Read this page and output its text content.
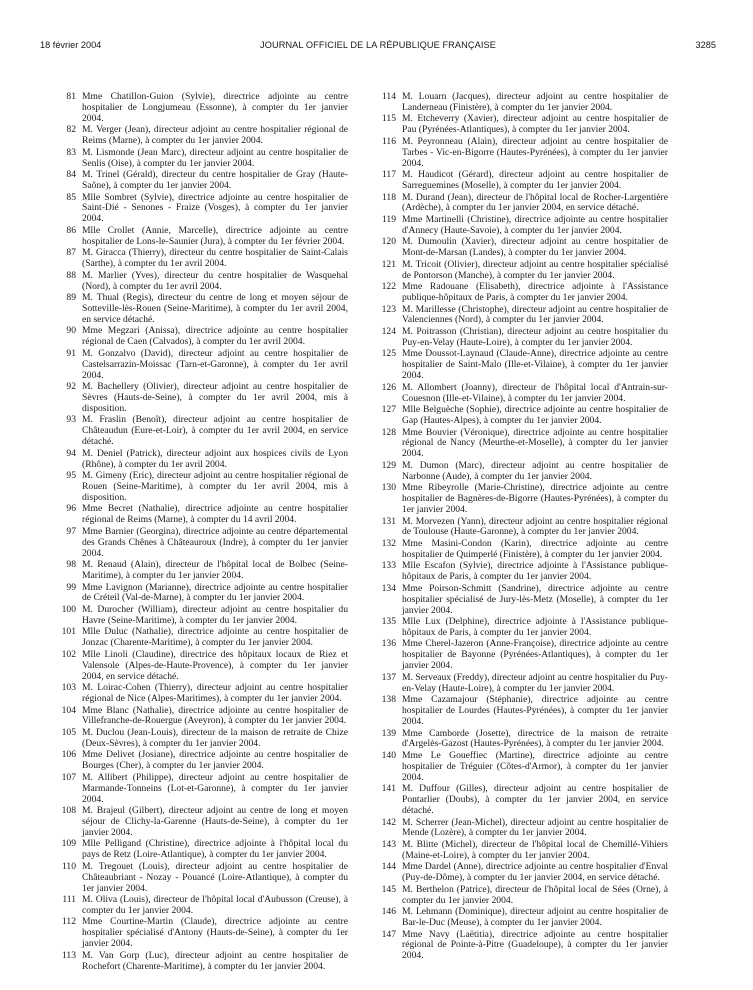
18 février 2004	JOURNAL OFFICIEL DE LA RÉPUBLIQUE FRANÇAISE	3285
81 Mme Chatillon-Guion (Sylvie), directrice adjointe au centre hospitalier de Longjumeau (Essonne), à compter du 1er janvier 2004.
82 M. Verger (Jean), directeur adjoint au centre hospitalier régional de Reims (Marne), à compter du 1er janvier 2004.
83 M. Lismonde (Jean Marc), directeur adjoint au centre hospitalier de Senlis (Oise), à compter du 1er janvier 2004.
84 M. Trinel (Gérald), directeur du centre hospitalier de Gray (Haute-Saône), à compter du 1er janvier 2004.
85 Mlle Sombret (Sylvie), directrice adjointe au centre hospitalier de Saint-Dié - Senones - Fraize (Vosges), à compter du 1er janvier 2004.
86 Mlle Crollet (Annie, Marcelle), directrice adjointe au centre hospitalier de Lons-le-Saunier (Jura), à compter du 1er février 2004.
87 M. Giracca (Thierry), directeur du centre hospitalier de Saint-Calais (Sarthe), à compter du 1er avril 2004.
88 M. Marlier (Yves), directeur du centre hospitalier de Wasquehal (Nord), à compter du 1er avril 2004.
89 M. Thual (Regis), directeur du centre de long et moyen séjour de Sotteville-lès-Rouen (Seine-Maritime), à compter du 1er avril 2004, en service détaché.
90 Mme Megzari (Anissa), directrice adjointe au centre hospitalier régional de Caen (Calvados), à compter du 1er avril 2004.
91 M. Gonzalvo (David), directeur adjoint au centre hospitalier de Castelsarrazin-Moissac (Tarn-et-Garonne), à compter du 1er avril 2004.
92 M. Bachellery (Olivier), directeur adjoint au centre hospitalier de Sèvres (Hauts-de-Seine), à compter du 1er avril 2004, mis à disposition.
93 M. Fraslin (Benoît), directeur adjoint au centre hospitalier de Châteaudun (Eure-et-Loir), à compter du 1er avril 2004, en service détaché.
94 M. Deniel (Patrick), directeur adjoint aux hospices civils de Lyon (Rhône), à compter du 1er avril 2004.
95 M. Gimeny (Eric), directeur adjoint au centre hospitalier régional de Rouen (Seine-Maritime), à compter du 1er avril 2004, mis à disposition.
96 Mme Becret (Nathalie), directrice adjointe au centre hospitalier régional de Reims (Marne), à compter du 14 avril 2004.
97 Mme Barnier (Georgina), directrice adjointe au centre départemental des Grands Chênes à Châteauroux (Indre), à compter du 1er janvier 2004.
98 M. Renaud (Alain), directeur de l'hôpital local de Bolbec (Seine-Maritime), à compter du 1er janvier 2004.
99 Mme Lavignon (Marianne), directrice adjointe au centre hospitalier de Créteil (Val-de-Marne), à compter du 1er janvier 2004.
100 M. Durocher (William), directeur adjoint au centre hospitalier du Havre (Seine-Maritime), à compter du 1er janvier 2004.
101 Mlle Duluc (Nathalie), directrice adjointe au centre hospitalier de Jonzac (Charente-Maritime), à compter du 1er janvier 2004.
102 Mlle Linoli (Claudine), directrice des hôpitaux locaux de Riez et Valensole (Alpes-de-Haute-Provence), à compter du 1er janvier 2004, en service détaché.
103 M. Loirac-Cohen (Thierry), directeur adjoint au centre hospitalier régional de Nice (Alpes-Maritimes), à compter du 1er janvier 2004.
104 Mme Blanc (Nathalie), directrice adjointe au centre hospitalier de Villefranche-de-Rouergue (Aveyron), à compter du 1er janvier 2004.
105 M. Duclou (Jean-Louis), directeur de la maison de retraite de Chize (Deux-Sèvres), à compter du 1er janvier 2004.
106 Mme Delivet (Josiane), directrice adjointe au centre hospitalier de Bourges (Cher), à compter du 1er janvier 2004.
107 M. Allibert (Philippe), directeur adjoint au centre hospitalier de Marmande-Tonneins (Lot-et-Garonne), à compter du 1er janvier 2004.
108 M. Brajeul (Gilbert), directeur adjoint au centre de long et moyen séjour de Clichy-la-Garenne (Hauts-de-Seine), à compter du 1er janvier 2004.
109 Mlle Pelligand (Christine), directrice adjointe à l'hôpital local du pays de Retz (Loire-Atlantique), à compter du 1er janvier 2004.
110 M. Tregouet (Louis), directeur adjoint au centre hospitalier de Châteaubriant - Nozay - Pouancé (Loire-Atlantique), à compter du 1er janvier 2004.
111 M. Oliva (Louis), directeur de l'hôpital local d'Aubusson (Creuse), à compter du 1er janvier 2004.
112 Mme Courtine-Martin (Claude), directrice adjointe au centre hospitalier spécialisé d'Antony (Hauts-de-Seine), à compter du 1er janvier 2004.
113 M. Van Gorp (Luc), directeur adjoint au centre hospitalier de Rochefort (Charente-Maritime), à compter du 1er janvier 2004.
114 M. Louarn (Jacques), directeur adjoint au centre hospitalier de Landerneau (Finistère), à compter du 1er janvier 2004.
115 M. Etcheverry (Xavier), directeur adjoint au centre hospitalier de Pau (Pyrénées-Atlantiques), à compter du 1er janvier 2004.
116 M. Peyronneau (Alain), directeur adjoint au centre hospitalier de Tarbes - Vic-en-Bigorre (Hautes-Pyrénées), à compter du 1er janvier 2004.
117 M. Haudicot (Gérard), directeur adjoint au centre hospitalier de Sarreguemines (Moselle), à compter du 1er janvier 2004.
118 M. Durand (Jean), directeur de l'hôpital local de Rocher-Largentière (Ardèche), à compter du 1er janvier 2004, en service détaché.
119 Mme Martinelli (Christine), directrice adjointe au centre hospitalier d'Annecy (Haute-Savoie), à compter du 1er janvier 2004.
120 M. Dumoulin (Xavier), directeur adjoint au centre hospitalier de Mont-de-Marsan (Landes), à compter du 1er janvier 2004.
121 M. Tricoit (Olivier), directeur adjoint au centre hospitalier spécialisé de Pontorson (Manche), à compter du 1er janvier 2004.
122 Mme Radouane (Elisabeth), directrice adjointe à l'Assistance publique-hôpitaux de Paris, à compter du 1er janvier 2004.
123 M. Marillesse (Christophe), directeur adjoint au centre hospitalier de Valenciennes (Nord), à compter du 1er janvier 2004.
124 M. Poitrasson (Christian), directeur adjoint au centre hospitalier du Puy-en-Velay (Haute-Loire), à compter du 1er janvier 2004.
125 Mme Doussot-Laynaud (Claude-Anne), directrice adjointe au centre hospitalier de Saint-Malo (Ille-et-Vilaine), à compter du 1er janvier 2004.
126 M. Allombert (Joanny), directeur de l'hôpital local d'Antrain-sur-Couesnon (Ille-et-Vilaine), à compter du 1er janvier 2004.
127 Mlle Belguèche (Sophie), directrice adjointe au centre hospitalier de Gap (Hautes-Alpes), à compter du 1er janvier 2004.
128 Mme Bouvier (Véronique), directrice adjointe au centre hospitalier régional de Nancy (Meurthe-et-Moselle), à compter du 1er janvier 2004.
129 M. Dumon (Marc), directeur adjoint au centre hospitalier de Narbonne (Aude), à compter du 1er janvier 2004.
130 Mme Ribeyrolle (Marie-Christine), directrice adjointe au centre hospitalier de Bagnères-de-Bigorre (Hautes-Pyrénées), à compter du 1er janvier 2004.
131 M. Morvezen (Yann), directeur adjoint au centre hospitalier régional de Toulouse (Haute-Garonne), à compter du 1er janvier 2004.
132 Mme Masini-Condon (Karin), directrice adjointe au centre hospitalier de Quimperlé (Finistère), à compter du 1er janvier 2004.
133 Mlle Escafon (Sylvie), directrice adjointe à l'Assistance publique-hôpitaux de Paris, à compter du 1er janvier 2004.
134 Mme Poirson-Schmitt (Sandrine), directrice adjointe au centre hospitalier spécialisé de Jury-lès-Metz (Moselle), à compter du 1er janvier 2004.
135 Mlle Lux (Delphine), directrice adjointe à l'Assistance publique-hôpitaux de Paris, à compter du 1er janvier 2004.
136 Mme Cherel-Jazeron (Anne-Françoise), directrice adjointe au centre hospitalier de Bayonne (Pyrénées-Atlantiques), à compter du 1er janvier 2004.
137 M. Serveaux (Freddy), directeur adjoint au centre hospitalier du Puy-en-Velay (Haute-Loire), à compter du 1er janvier 2004.
138 Mme Cazamajour (Stéphanie), directrice adjointe au centre hospitalier de Lourdes (Hautes-Pyrénées), à compter du 1er janvier 2004.
139 Mme Camborde (Josette), directrice de la maison de retraite d'Argelès-Gazost (Hautes-Pyrénées), à compter du 1er janvier 2004.
140 Mme Le Goueffiec (Martine), directrice adjointe au centre hospitalier de Tréguier (Côtes-d'Armor), à compter du 1er janvier 2004.
141 M. Duffour (Gilles), directeur adjoint au centre hospitalier de Pontarlier (Doubs), à compter du 1er janvier 2004, en service détaché.
142 M. Scherrer (Jean-Michel), directeur adjoint au centre hospitalier de Mende (Lozère), à compter du 1er janvier 2004.
143 M. Blitte (Michel), directeur de l'hôpital local de Chemillé-Vihiers (Maine-et-Loire), à compter du 1er janvier 2004.
144 Mme Dardel (Anne), directrice adjointe au centre hospitalier d'Enval (Puy-de-Dôme), à compter du 1er janvier 2004, en service détaché.
145 M. Berthelon (Patrice), directeur de l'hôpital local de Sées (Orne), à compter du 1er janvier 2004.
146 M. Lehmann (Dominique), directeur adjoint au centre hospitalier de Bar-le-Duc (Meuse), à compter du 1er janvier 2004.
147 Mme Navy (Laëtitia), directrice adjointe au centre hospitalier régional de Pointe-à-Pitre (Guadeloupe), à compter du 1er janvier 2004.
